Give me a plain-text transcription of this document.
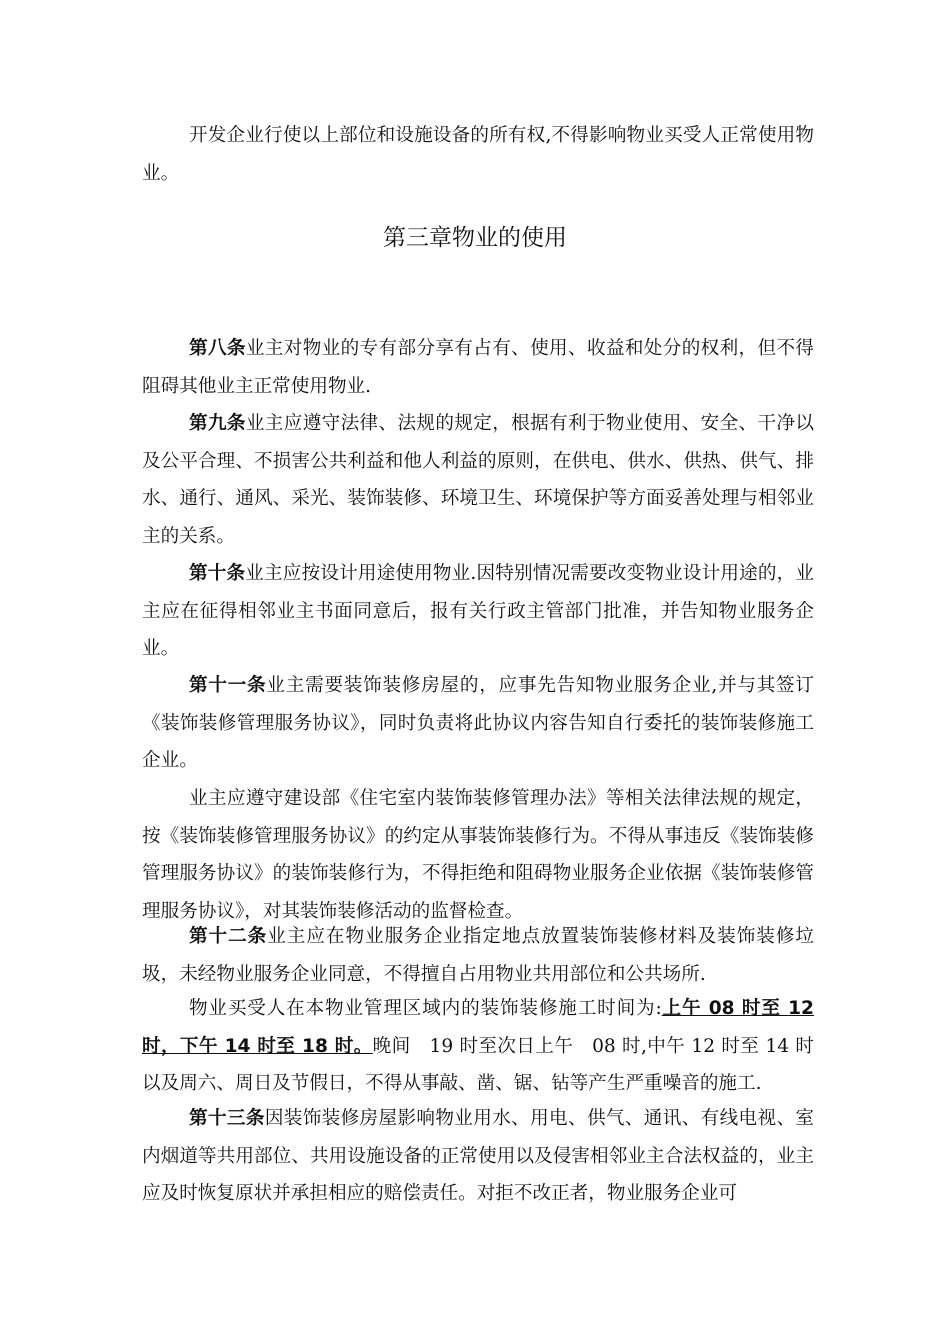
开发企业行使以上部位和设施设备的所有权,不得影响物业买受人正常使用物业。

第三章物业的使用

第八条业主对物业的专有部分享有占有、使用、收益和处分的权利，但不得阻碍其他业主正常使用物业.

第九条业主应遵守法律、法规的规定，根据有利于物业使用、安全、干净以及公平合理、不损害公共利益和他人利益的原则，在供电、供水、供热、供气、排水、通行、通风、采光、装饰装修、环境卫生、环境保护等方面妥善处理与相邻业主的关系。

第十条业主应按设计用途使用物业.因特别情况需要改变物业设计用途的，业主应在征得相邻业主书面同意后，报有关行政主管部门批准，并告知物业服务企业。

第十一条业主需要装饰装修房屋的，应事先告知物业服务企业,并与其签订《装饰装修管理服务协议》，同时负责将此协议内容告知自行委托的装饰装修施工企业。

业主应遵守建设部《住宅室内装饰装修管理办法》等相关法律法规的规定，按《装饰装修管理服务协议》的约定从事装饰装修行为。不得从事违反《装饰装修管理服务协议》的装饰装修行为，不得拒绝和阻碍物业服务企业依据《装饰装修管理服务协议》，对其装饰装修活动的监督检查。

第十二条业主应在物业服务企业指定地点放置装饰装修材料及装饰装修垃圾，未经物业服务企业同意，不得擅自占用物业共用部位和公共场所.

物业买受人在本物业管理区域内的装饰装修施工时间为:上午 08 时至 12 时，下午 14 时至 18 时。晚间　19 时至次日上午　08 时,中午 12 时至 14 时以及周六、周日及节假日，不得从事敲、凿、锯、钻等产生严重噪音的施工.

第十三条因装饰装修房屋影响物业用水、用电、供气、通讯、有线电视、室内烟道等共用部位、共用设施设备的正常使用以及侵害相邻业主合法权益的，业主应及时恢复原状并承担相应的赔偿责任。对拒不改正者，物业服务企业可
